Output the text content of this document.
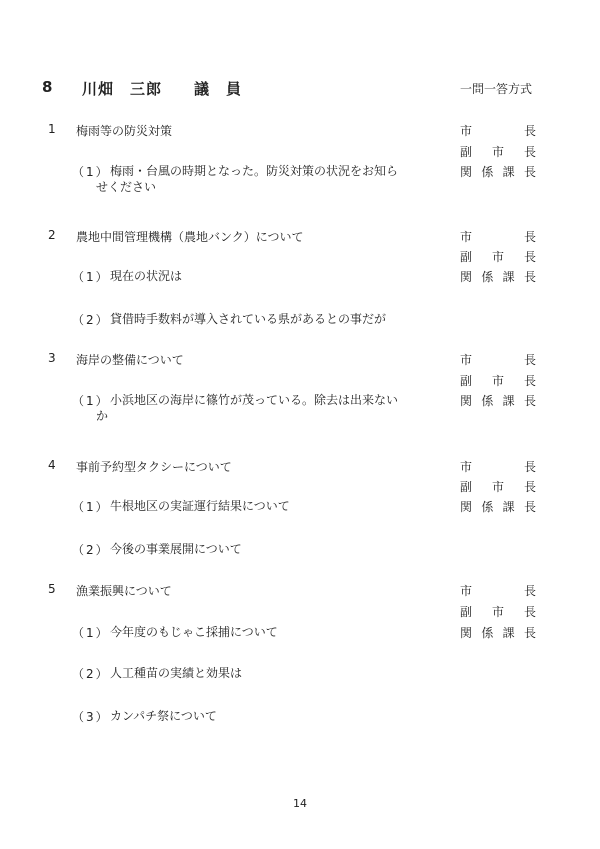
8 川畑　三郎　　議　員	一問一答方式
1 梅雨等の防災対策	市	長
副 市 長
関 係 課 長
（1） 梅雨・台風の時期となった。防災対策の状況をお知ら
せください
2 農地中間管理機構（農地バンク）について	市	長
副 市 長
関 係 課 長
（1） 現在の状況は
（2） 貸借時手数料が導入されている県があるとの事だが
3 海岸の整備について	市	長
副 市 長
関 係 課 長
（1） 小浜地区の海岸に篠竹が茂っている。除去は出来ない
か
4 事前予約型タクシーについて	市	長
副 市 長
関 係 課 長
（1） 牛根地区の実証運行結果について
（2） 今後の事業展開について
5 漁業振興について	市	長
副 市 長
関 係 課 長
（1） 今年度のもじゃこ採捕について
（2） 人工種苗の実績と効果は
（3） カンパチ祭について
14
